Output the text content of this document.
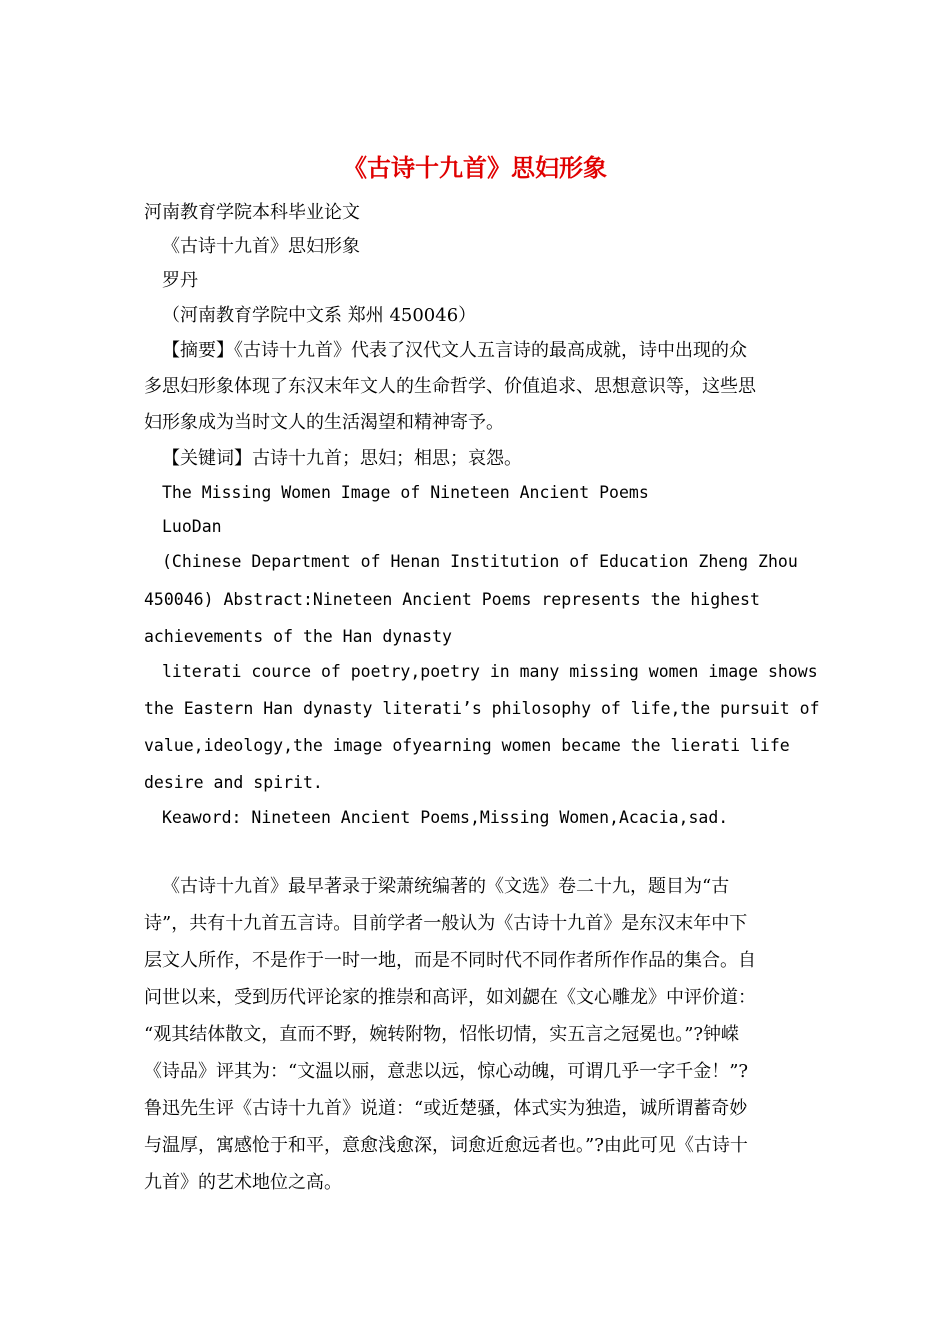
《古诗十九首》思妇形象
河南教育学院本科毕业论文
《古诗十九首》思妇形象
罗丹
（河南教育学院中文系 郑州 450046）
【摘要】《古诗十九首》代表了汉代文人五言诗的最高成就，诗中出现的众
多思妇形象体现了东汉末年文人的生命哲学、价值追求、思想意识等，这些思
妇形象成为当时文人的生活渴望和精神寄予。
【关键词】古诗十九首；思妇；相思；哀怨。
The Missing Women Image of Nineteen Ancient Poems
LuoDan
(Chinese Department of Henan Institution of Education Zheng Zhou
450046) Abstract:Nineteen Ancient Poems represents the highest
achievements of the Han dynasty
literati cource of poetry,poetry in many missing women image shows
the Eastern Han dynasty literati’s philosophy of life,the pursuit of
value,ideology,the image ofyearning women became the lierati life
desire and spirit.
Keaword: Nineteen Ancient Poems,Missing Women,Acacia,sad.
《古诗十九首》最早著录于梁萧统编著的《文选》卷二十九，题目为“古
诗”，共有十九首五言诗。目前学者一般认为《古诗十九首》是东汉末年中下
层文人所作，不是作于一时一地，而是不同时代不同作者所作作品的集合。自
问世以来，受到历代评论家的推崇和高评，如刘勰在《文心雕龙》中评价道：
“观其结体散文，直而不野，婉转附物，怊怅切情，实五言之冠冕也。”?钟嵘
《诗品》评其为：“文温以丽，意悲以远，惊心动魄，可谓几乎一字千金！”?
鲁迅先生评《古诗十九首》说道：“或近楚骚，体式实为独造，诚所谓蓄奇妙
与温厚，寓感怆于和平，意愈浅愈深，词愈近愈远者也。”?由此可见《古诗十
九首》的艺术地位之高。
